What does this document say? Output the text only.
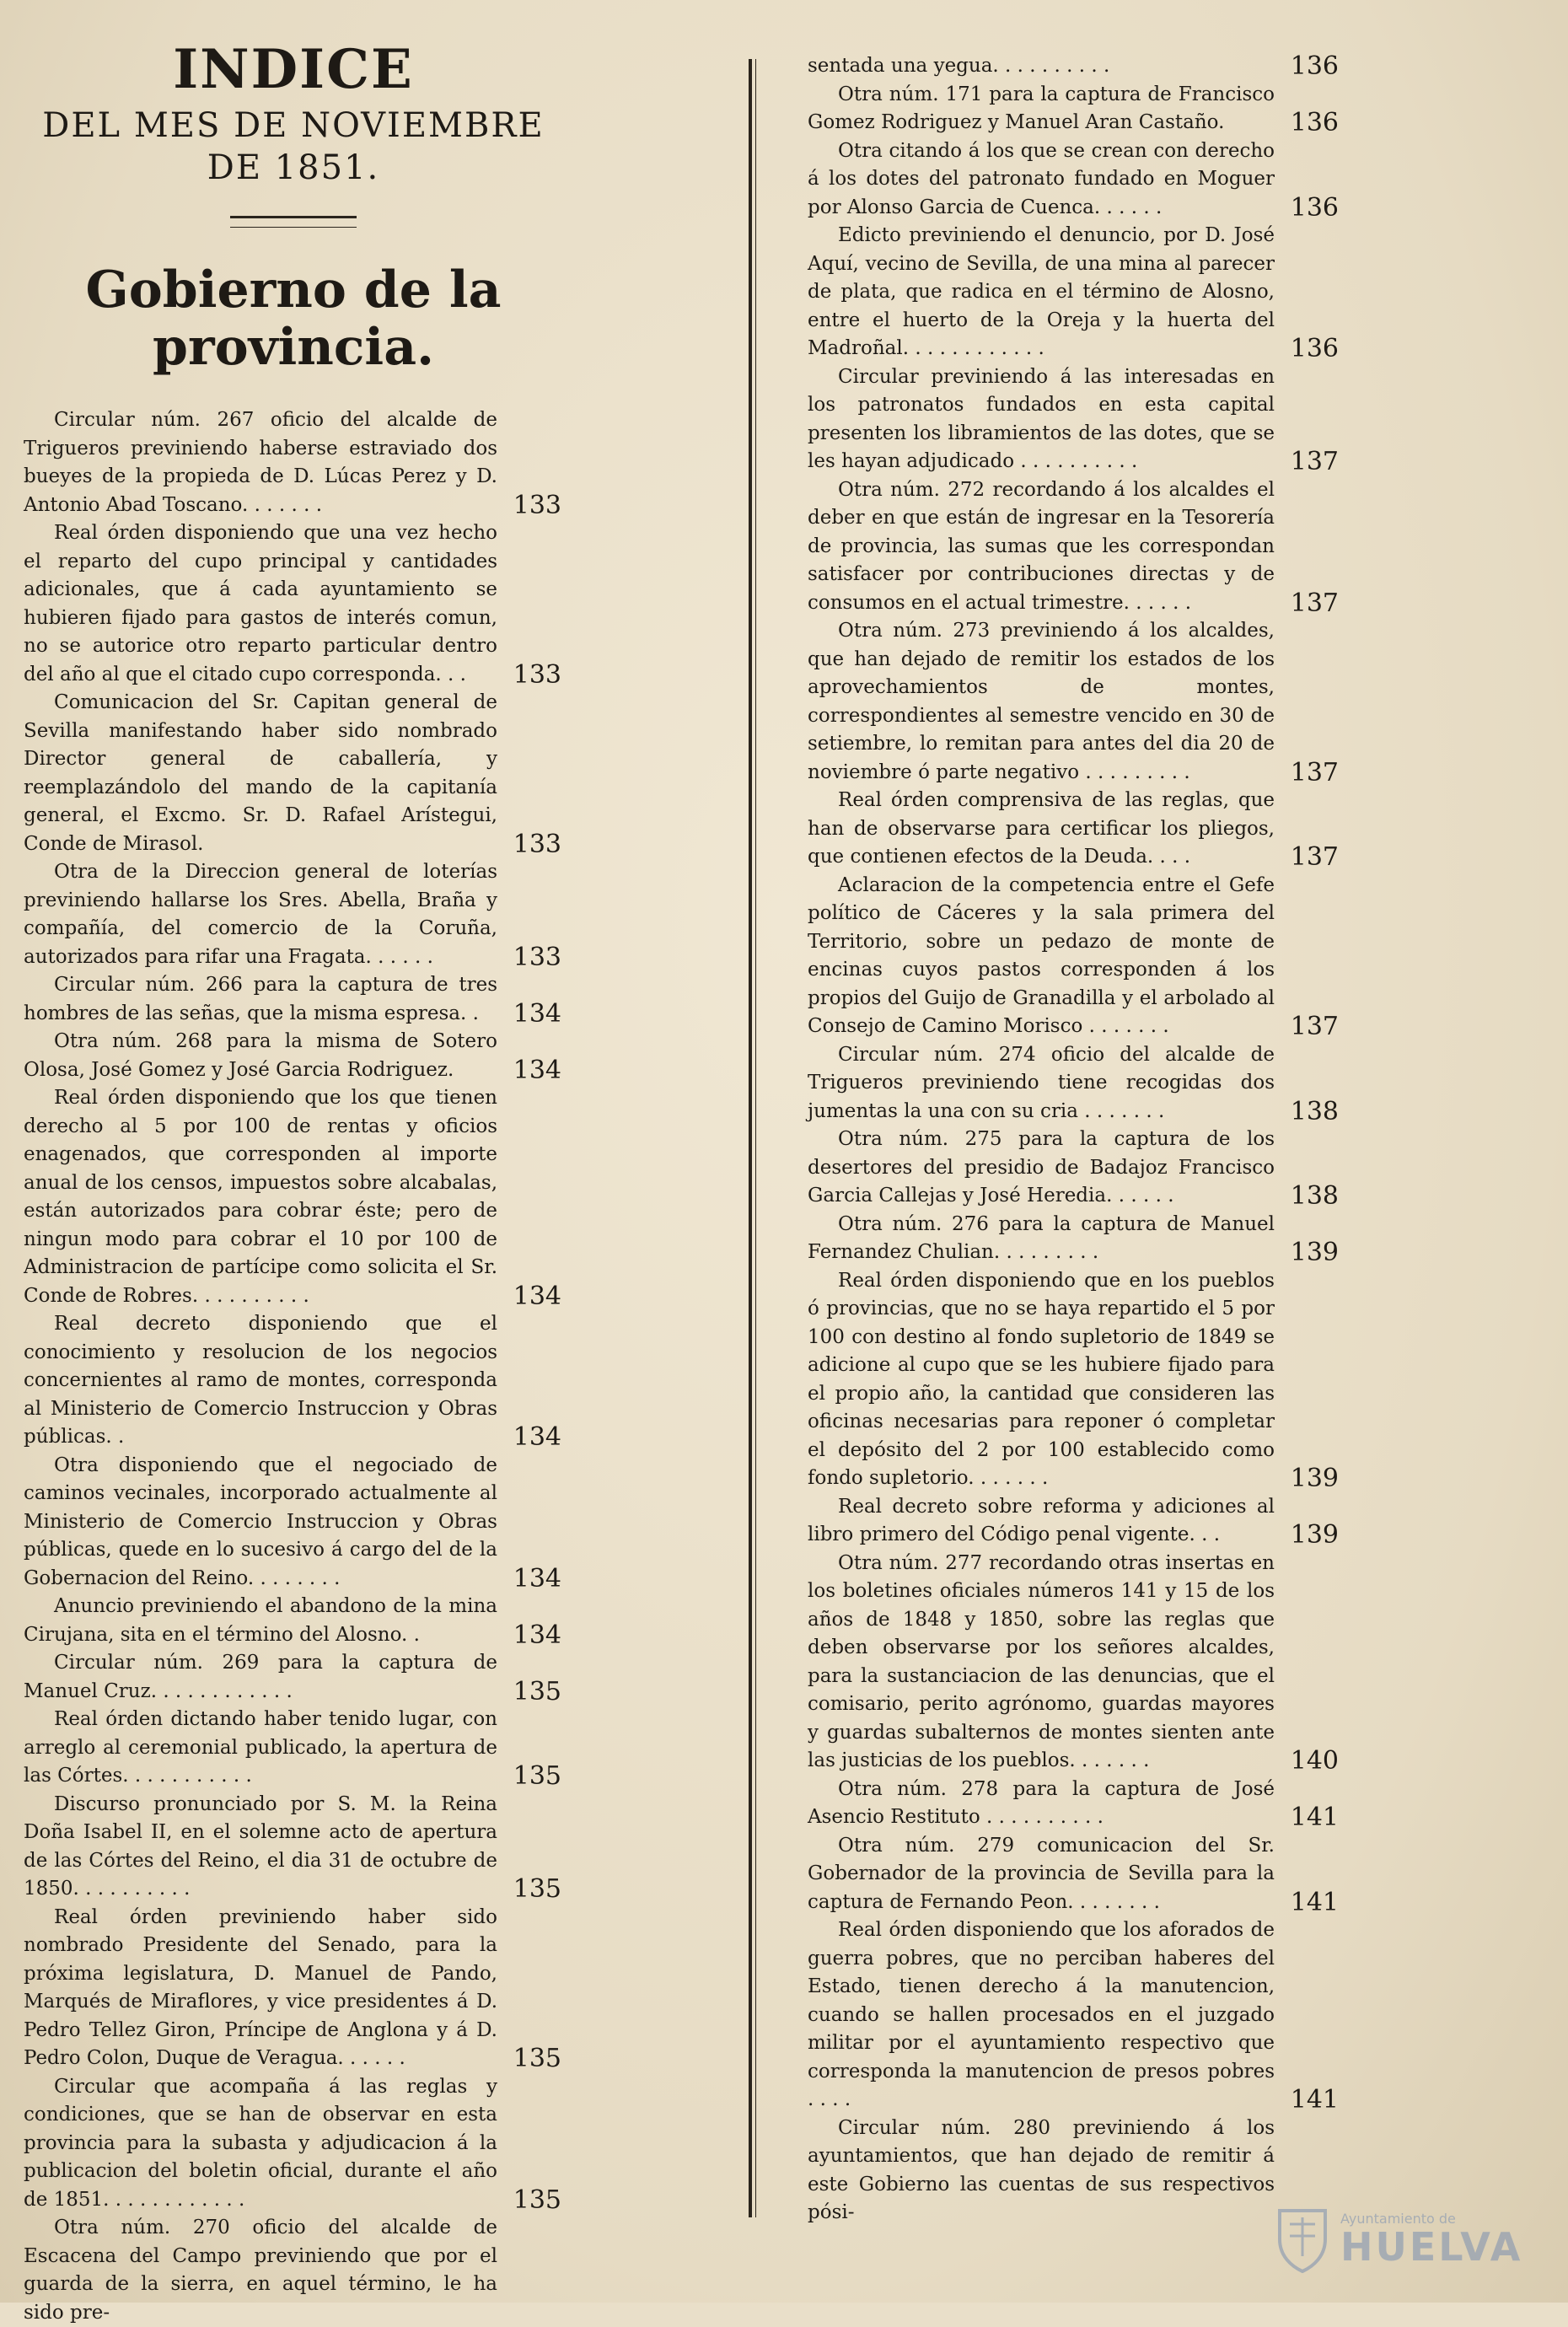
INDICE
DEL MES DE NOVIEMBRE DE 1851.
Gobierno de la provincia.
Circular núm. 267 oficio del alcalde de Trigueros previniendo haberse estraviado dos bueyes de la propieda de D. Lúcas Perez y D. Antonio Abad Toscano. . . . . . .	133
Real órden disponiendo que una vez hecho el reparto del cupo principal y cantidades adicionales, que á cada ayuntamiento se hubieren fijado para gastos de interés comun, no se autorice otro reparto particular dentro del año al que el citado cupo corresponda. . . 133
Comunicacion del Sr. Capitan general de Sevilla manifestando haber sido nombrado Director general de caballería, y reemplazándolo del mando de la capitanía general, el Excmo. Sr. D. Rafael Arístegui, Conde de Mirasol.	133
Otra de la Direccion general de loterías previniendo hallarse los Sres. Abella, Braña y compañía, del comercio de la Coruña, autorizados para rifar una Fragata. . . . . .	133
Circular núm. 266 para la captura de tres hombres de las señas, que la misma espresa. . 134
Otra núm. 268 para la misma de Sotero Olosa, José Gomez y José Garcia Rodriguez. 134
Real órden disponiendo que los que tienen derecho al 5 por 100 de rentas y oficios enagenados, que corresponden al importe anual de los censos, impuestos sobre alcabalas, están autorizados para cobrar éste; pero de ningun modo para cobrar el 10 por 100 de Administracion de partícipe como solicita el Sr. Conde de Robres. . . . . . . . . .	134
Real decreto disponiendo que el conocimiento y resolucion de los negocios concernientes al ramo de montes, corresponda al Ministerio de Comercio Instruccion y Obras públicas. .	134
Otra disponiendo que el negociado de caminos vecinales, incorporado actualmente al Ministerio de Comercio Instruccion y Obras públicas, quede en lo sucesivo á cargo del de la Gobernacion del Reino. . . . . . . .	134
Anuncio previniendo el abandono de la mina Cirujana, sita en el término del Alosno. .	134
Circular núm. 269 para la captura de Manuel Cruz. . . . . . . . . . . .	135
Real órden dictando haber tenido lugar, con arreglo al ceremonial publicado, la apertura de las Córtes. . . . . . . . . . .	135
Discurso pronunciado por S. M. la Reina Doña Isabel II, en el solemne acto de apertura de las Córtes del Reino, el dia 31 de octubre de 1850. . . . . . . . . .	135
Real órden previniendo haber sido nombrado Presidente del Senado, para la próxima legislatura, D. Manuel de Pando, Marqués de Miraflores, y vice presidentes á D. Pedro Tellez Giron, Príncipe de Anglona y á D. Pedro Colon, Duque de Veragua. . . . . .	135
Circular que acompaña á las reglas y condiciones, que se han de observar en esta provincia para la subasta y adjudicacion á la publicacion del boletin oficial, durante el año de 1851. . . . . . . . . . . .	135
Otra núm. 270 oficio del alcalde de Escacena del Campo previniendo que por el guarda de la sierra, en aquel término, le ha sido pre-
sentada una yegua. . . . . . . . . .	136
Otra núm. 171 para la captura de Francisco Gomez Rodriguez y Manuel Aran Castaño.	136
Otra citando á los que se crean con derecho á los dotes del patronato fundado en Moguer por Alonso Garcia de Cuenca. . . . . .	136
Edicto previniendo el denuncio, por D. José Aquí, vecino de Sevilla, de una mina al parecer de plata, que radica en el término de Alosno, entre el huerto de la Oreja y la huerta del Madroñal. . . . . . . . . . . .	136
Circular previniendo á las interesadas en los patronatos fundados en esta capital presenten los libramientos de las dotes, que se les hayan adjudicado . . . . . . . . . .	137
Otra núm. 272 recordando á los alcaldes el deber en que están de ingresar en la Tesorería de provincia, las sumas que les correspondan satisfacer por contribuciones directas y de consumos en el actual trimestre. . . . . .	137
Otra núm. 273 previniendo á los alcaldes, que han dejado de remitir los estados de los aprovechamientos de montes, correspondientes al semestre vencido en 30 de setiembre, lo remitan para antes del dia 20 de noviembre ó parte negativo . . . . . . . . .	137
Real órden comprensiva de las reglas, que han de observarse para certificar los pliegos, que contienen efectos de la Deuda. . . .	137
Aclaracion de la competencia entre el Gefe político de Cáceres y la sala primera del Territorio, sobre un pedazo de monte de encinas cuyos pastos corresponden á los propios del Guijo de Granadilla y el arbolado al Consejo de Camino Morisco . . . . . . .	137
Circular núm. 274 oficio del alcalde de Trigueros previniendo tiene recogidas dos jumentas la una con su cria . . . . . . .	138
Otra núm. 275 para la captura de los desertores del presidio de Badajoz Francisco Garcia Callejas y José Heredia. . . . . .	138
Otra núm. 276 para la captura de Manuel Fernandez Chulian. . . . . . . . .	139
Real órden disponiendo que en los pueblos ó provincias, que no se haya repartido el 5 por 100 con destino al fondo supletorio de 1849 se adicione al cupo que se les hubiere fijado para el propio año, la cantidad que consideren las oficinas necesarias para reponer ó completar el depósito del 2 por 100 establecido como fondo supletorio. . . . . . .	139
Real decreto sobre reforma y adiciones al libro primero del Código penal vigente. . .	139
Otra núm. 277 recordando otras insertas en los boletines oficiales números 141 y 15 de los años de 1848 y 1850, sobre las reglas que deben observarse por los señores alcaldes, para la sustanciacion de las denuncias, que el comisario, perito agrónomo, guardas mayores y guardas subalternos de montes sienten ante las justicias de los pueblos. . . . . . .	140
Otra núm. 278 para la captura de José Asencio Restituto . . . . . . . . . .	141
Otra núm. 279 comunicacion del Sr. Gobernador de la provincia de Sevilla para la captura de Fernando Peon. . . . . . . .	141
Real órden disponiendo que los aforados de guerra pobres, que no perciban haberes del Estado, tienen derecho á la manutencion, cuando se hallen procesados en el juzgado militar por el ayuntamiento respectivo que corresponda la manutencion de presos pobres . . . .	141
Circular núm. 280 previniendo á los ayuntamientos, que han dejado de remitir á este Gobierno las cuentas de sus respectivos pósi-	Ayuntamiento de
HUELVA
